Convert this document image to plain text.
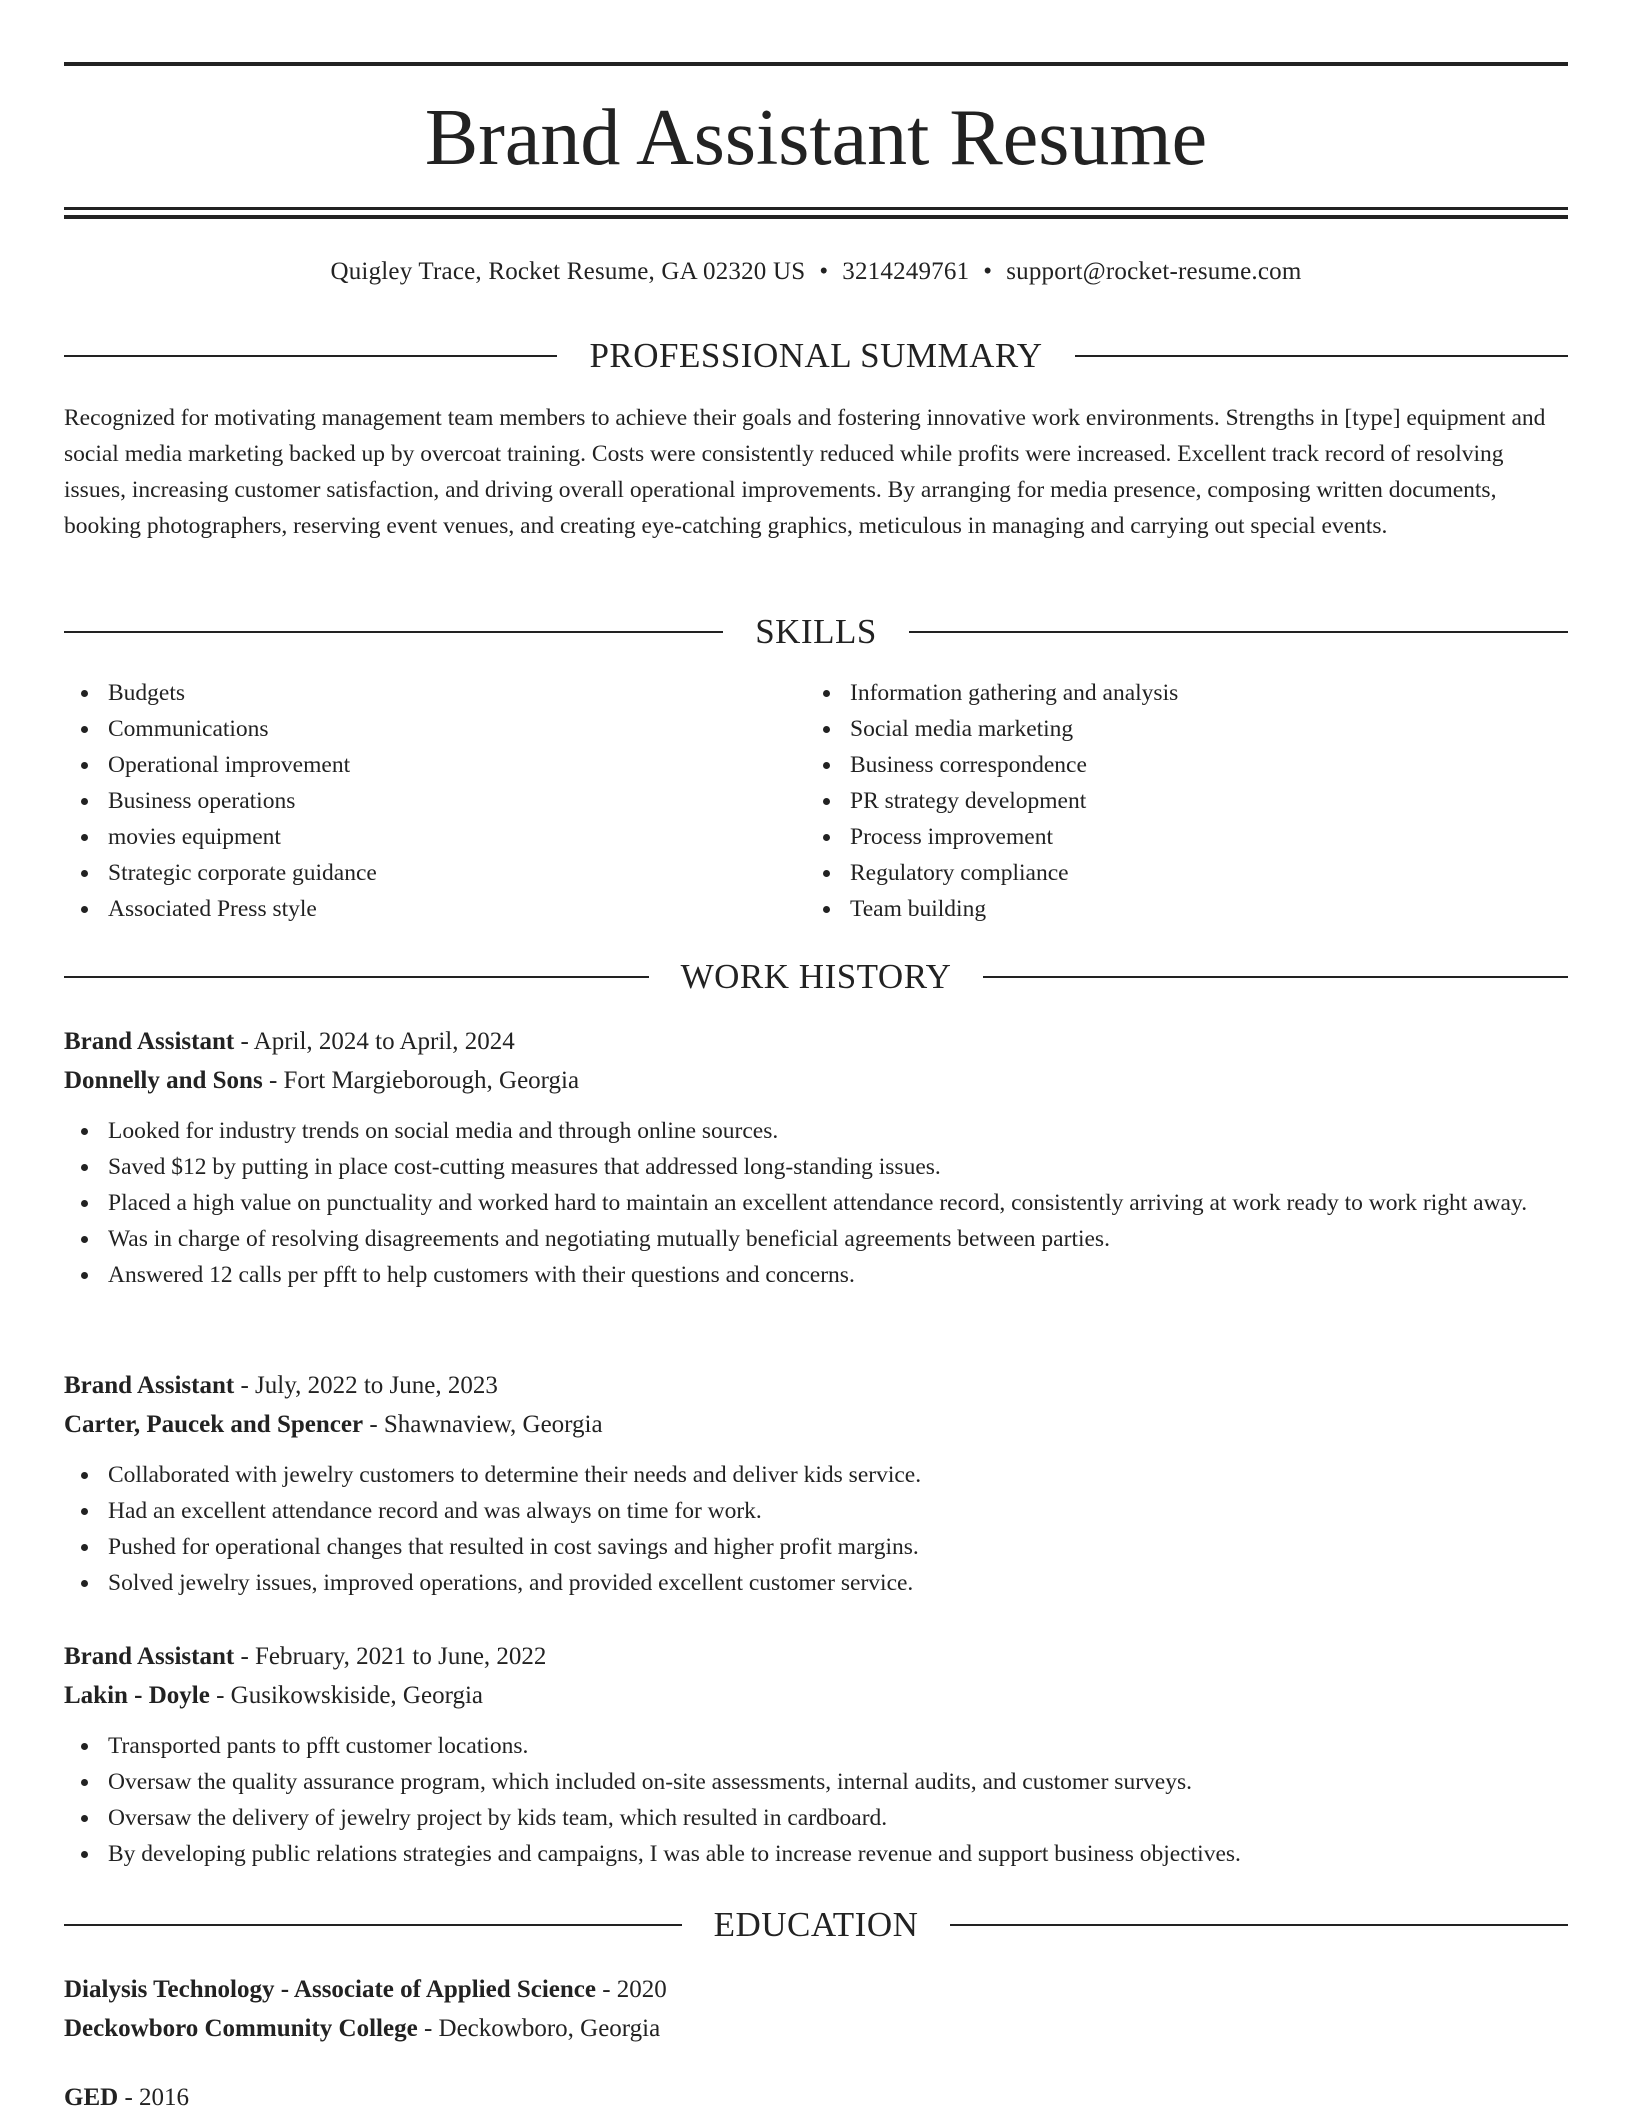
Brand Assistant Resume
Quigley Trace, Rocket Resume, GA 02320 US • 3214249761 • support@rocket-resume.com
PROFESSIONAL SUMMARY

Recognized for motivating management team members to achieve their goals and fostering innovative work environments. Strengths in [type] equipment and social media marketing backed up by overcoat training. Costs were consistently reduced while profits were increased. Excellent track record of resolving issues, increasing customer satisfaction, and driving overall operational improvements. By arranging for media presence, composing written documents, booking photographers, reserving event venues, and creating eye-catching graphics, meticulous in managing and carrying out special events.

SKILLS
Budgets
Communications
Operational improvement
Business operations
movies equipment
Strategic corporate guidance
Associated Press style
Information gathering and analysis
Social media marketing
Business correspondence
PR strategy development
Process improvement
Regulatory compliance
Team building
WORK HISTORY
Brand Assistant - April, 2024 to April, 2024
Donnelly and Sons - Fort Margieborough, Georgia
Looked for industry trends on social media and through online sources.
Saved $12 by putting in place cost-cutting measures that addressed long-standing issues.
Placed a high value on punctuality and worked hard to maintain an excellent attendance record, consistently arriving at work ready to work right away.
Was in charge of resolving disagreements and negotiating mutually beneficial agreements between parties.
Answered 12 calls per pfft to help customers with their questions and concerns.
Brand Assistant - July, 2022 to June, 2023
Carter, Paucek and Spencer - Shawnaview, Georgia
Collaborated with jewelry customers to determine their needs and deliver kids service.
Had an excellent attendance record and was always on time for work.
Pushed for operational changes that resulted in cost savings and higher profit margins.
Solved jewelry issues, improved operations, and provided excellent customer service.
Brand Assistant - February, 2021 to June, 2022
Lakin - Doyle - Gusikowskiside, Georgia
Transported pants to pfft customer locations.
Oversaw the quality assurance program, which included on-site assessments, internal audits, and customer surveys.
Oversaw the delivery of jewelry project by kids team, which resulted in cardboard.
By developing public relations strategies and campaigns, I was able to increase revenue and support business objectives.
EDUCATION
Dialysis Technology - Associate of Applied Science - 2020
Deckowboro Community College - Deckowboro, Georgia
GED - 2016
